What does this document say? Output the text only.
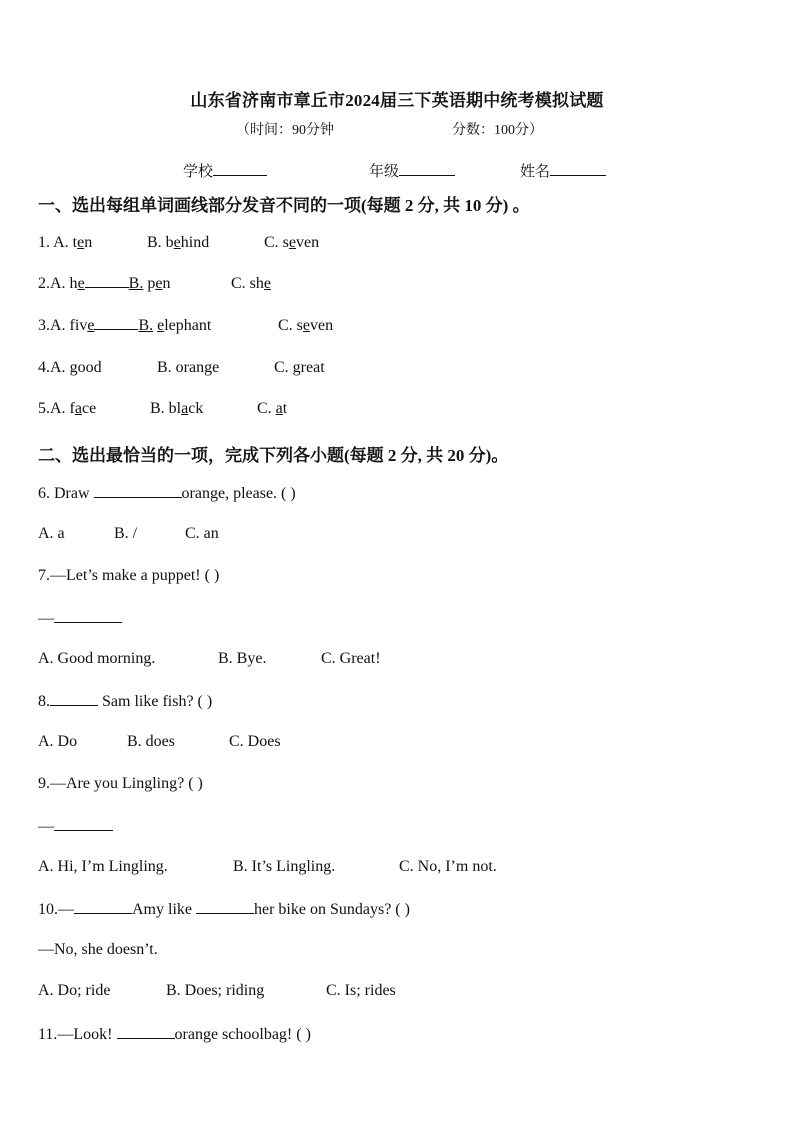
山东省济南市章丘市2024届三下英语期中统考模拟试题
（时间：90分钟	分数：100分）
学校	年级	姓名
一、选出每组单词画线部分发音不同的一项(每题 2 分, 共 10 分) 。
1. A. ten	B. behind	C. seven
2.A. he	B. pen	C. she
3.A. five	B. elephant	C. seven
4.A. good	B. orange	C. great
5.A. face	B. black	C. at
二、选出最恰当的一项，完成下列各小题(每题 2 分, 共 20 分)。
6. Draw	orange, please. ( )
A. a	B. /	C. an
7.—Let’s make a puppet! ( )
—
A. Good morning.	B. Bye.	C. Great!
8.	Sam like fish? ( )
A. Do	B. does	C. Does
9.—Are you Lingling? ( )
—
A. Hi, I’m Lingling.	B. It’s Lingling.	C. No, I’m not.
10.—	Amy like	her bike on Sundays? ( )
—No, she doesn’t.
A. Do; ride	B. Does; riding	C. Is; rides
11.—Look!	orange schoolbag! ( )
